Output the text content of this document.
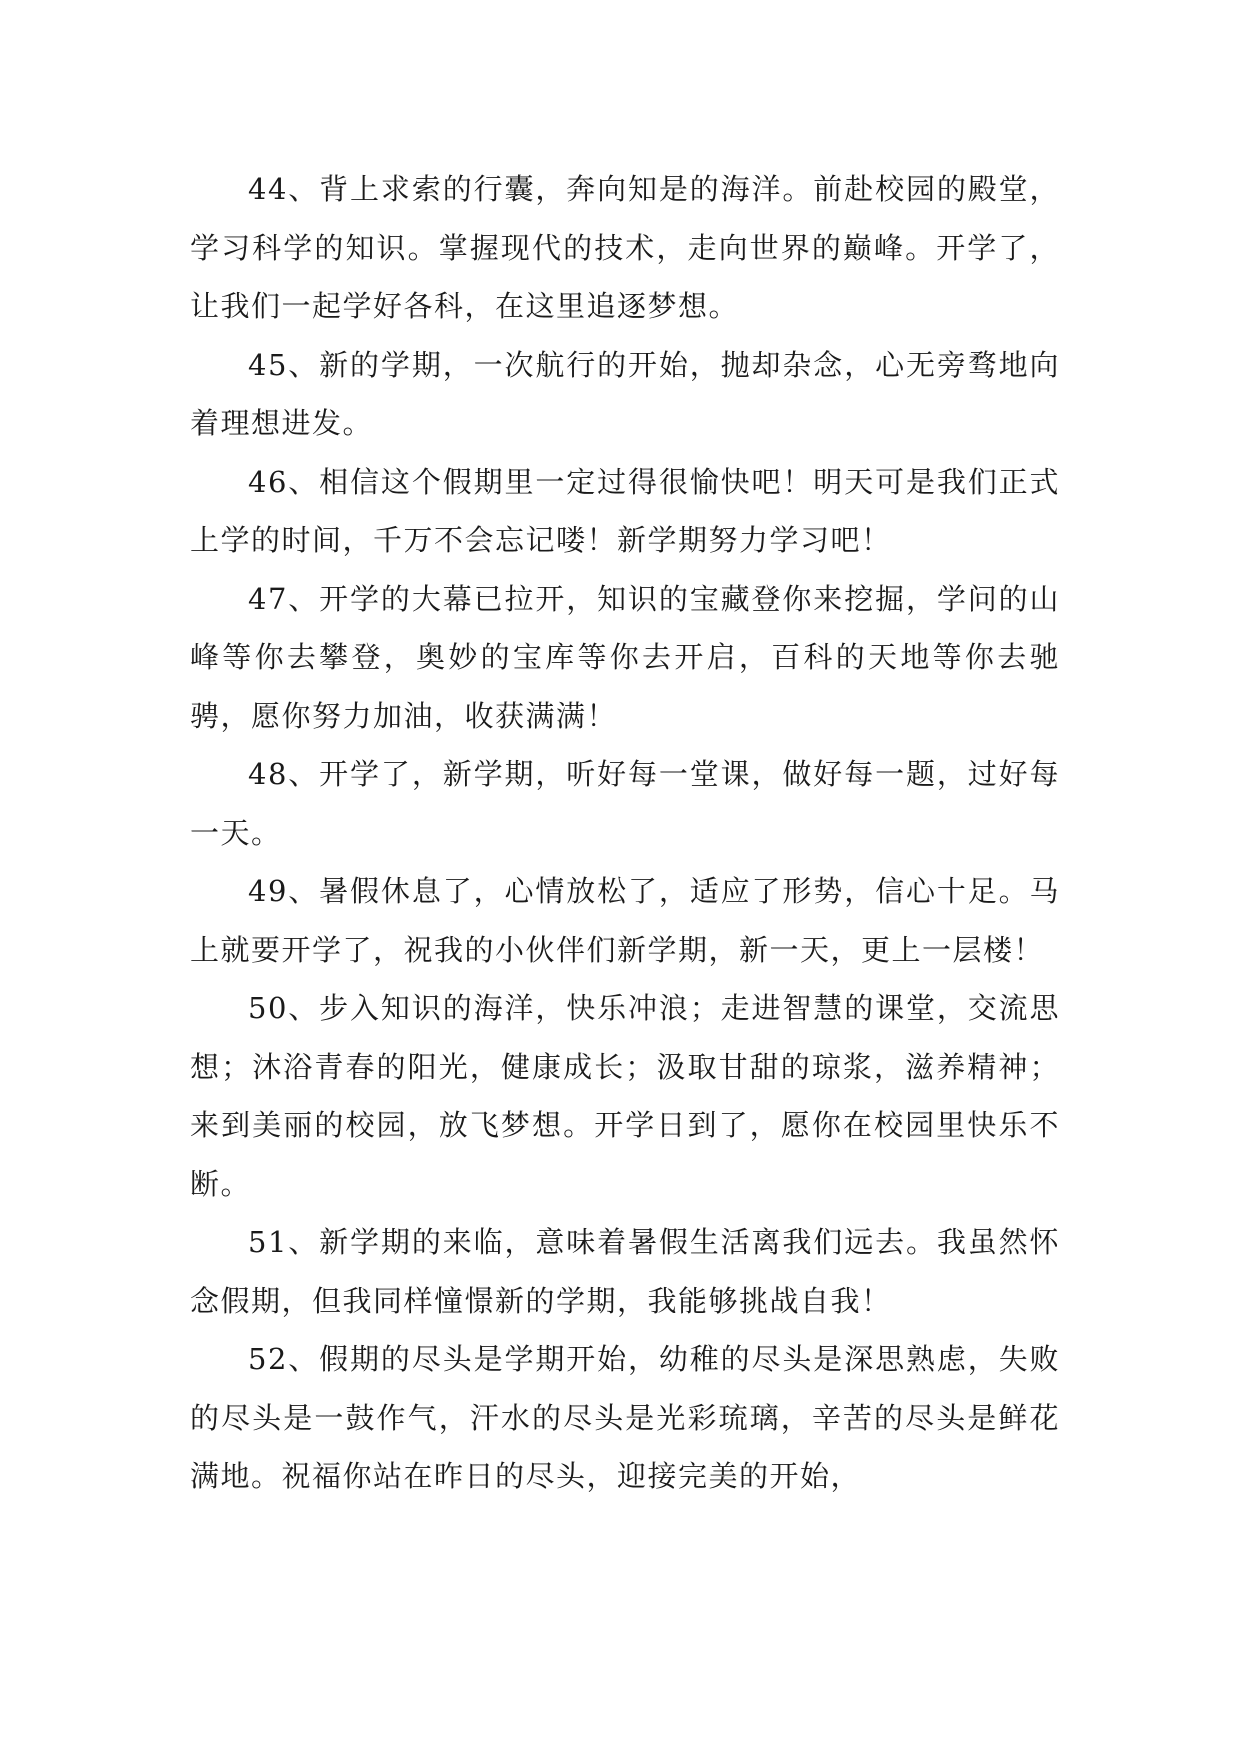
44、背上求索的行囊，奔向知是的海洋。前赴校园的殿堂，学习科学的知识。掌握现代的技术，走向世界的巅峰。开学了，让我们一起学好各科，在这里追逐梦想。

45、新的学期，一次航行的开始，抛却杂念，心无旁骛地向着理想进发。

46、相信这个假期里一定过得很愉快吧！明天可是我们正式上学的时间，千万不会忘记喽！新学期努力学习吧！

47、开学的大幕已拉开，知识的宝藏登你来挖掘，学问的山峰等你去攀登，奥妙的宝库等你去开启，百科的天地等你去驰骋，愿你努力加油，收获满满！

48、开学了，新学期，听好每一堂课，做好每一题，过好每一天。

49、暑假休息了，心情放松了，适应了形势，信心十足。马上就要开学了，祝我的小伙伴们新学期，新一天，更上一层楼！

50、步入知识的海洋，快乐冲浪；走进智慧的课堂，交流思想；沐浴青春的阳光，健康成长；汲取甘甜的琼浆，滋养精神；来到美丽的校园，放飞梦想。开学日到了，愿你在校园里快乐不断。

51、新学期的来临，意味着暑假生活离我们远去。我虽然怀念假期，但我同样憧憬新的学期，我能够挑战自我！

52、假期的尽头是学期开始，幼稚的尽头是深思熟虑，失败的尽头是一鼓作气，汗水的尽头是光彩琉璃，辛苦的尽头是鲜花满地。祝福你站在昨日的尽头，迎接完美的开始，
